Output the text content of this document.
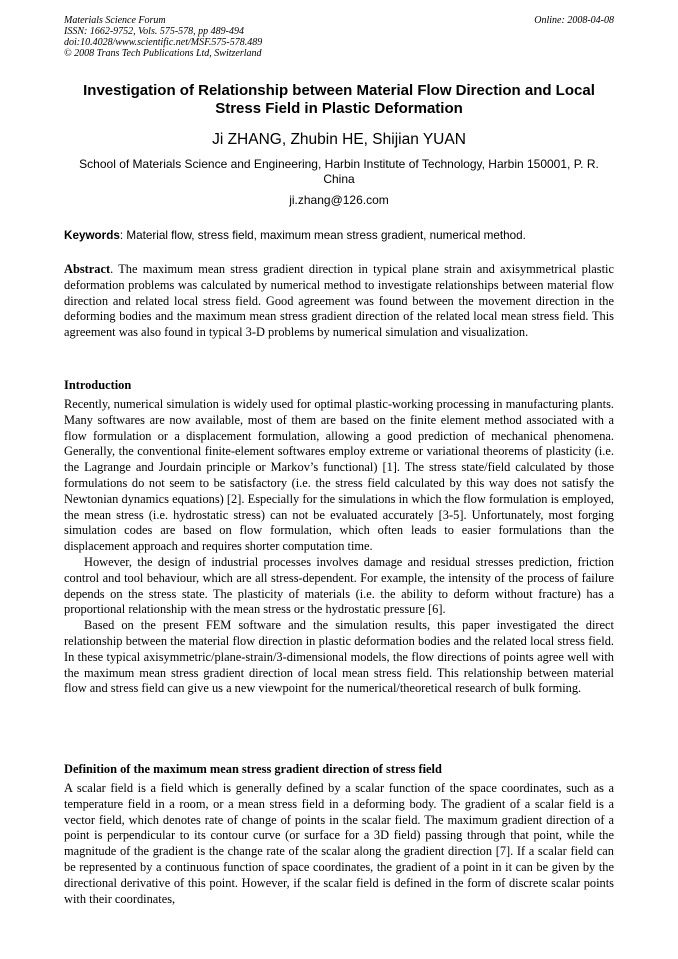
Materials Science Forum
ISSN: 1662-9752, Vols. 575-578, pp 489-494
doi:10.4028/www.scientific.net/MSF.575-578.489
© 2008 Trans Tech Publications Ltd, Switzerland
Online: 2008-04-08
Investigation of Relationship between Material Flow Direction and Local Stress Field in Plastic Deformation
Ji ZHANG, Zhubin HE, Shijian YUAN
School of Materials Science and Engineering, Harbin Institute of Technology, Harbin 150001, P. R. China
ji.zhang@126.com
Keywords: Material flow, stress field, maximum mean stress gradient, numerical method.

Abstract. The maximum mean stress gradient direction in typical plane strain and axisymmetrical plastic deformation problems was calculated by numerical method to investigate relationships between material flow direction and related local stress field. Good agreement was found between the movement direction in the deforming bodies and the maximum mean stress gradient direction of the related local mean stress field. This agreement was also found in typical 3-D problems by numerical simulation and visualization.

Introduction

Recently, numerical simulation is widely used for optimal plastic-working processing in manufacturing plants. Many softwares are now available, most of them are based on the finite element method associated with a flow formulation or a displacement formulation, allowing a good prediction of mechanical phenomena. Generally, the conventional finite-element softwares employ extreme or variational theorems of plasticity (i.e. the Lagrange and Jourdain principle or Markov’s functional) [1]. The stress state/field calculated by those formulations do not seem to be satisfactory (i.e. the stress field calculated by this way does not satisfy the Newtonian dynamics equations) [2]. Especially for the simulations in which the flow formulation is employed, the mean stress (i.e. hydrostatic stress) can not be evaluated accurately [3-5]. Unfortunately, most forging simulation codes are based on flow formulation, which often leads to easier formulations than the displacement approach and requires shorter computation time.

However, the design of industrial processes involves damage and residual stresses prediction, friction control and tool behaviour, which are all stress-dependent. For example, the intensity of the process of failure depends on the stress state. The plasticity of materials (i.e. the ability to deform without fracture) has a proportional relationship with the mean stress or the hydrostatic pressure [6].

Based on the present FEM software and the simulation results, this paper investigated the direct relationship between the material flow direction in plastic deformation bodies and the related local stress field. In these typical axisymmetric/plane-strain/3-dimensional models, the flow directions of points agree well with the maximum mean stress gradient direction of local mean stress field. This relationship between material flow and stress field can give us a new viewpoint for the numerical/theoretical research of bulk forming.

Definition of the maximum mean stress gradient direction of stress field

A scalar field is a field which is generally defined by a scalar function of the space coordinates, such as a temperature field in a room, or a mean stress field in a deforming body. The gradient of a scalar field is a vector field, which denotes rate of change of points in the scalar field. The maximum gradient direction of a point is perpendicular to its contour curve (or surface for a 3D field) passing through that point, while the magnitude of the gradient is the change rate of the scalar along the gradient direction [7]. If a scalar field can be represented by a continuous function of space coordinates, the gradient of a point in it can be given by the directional derivative of this point. However, if the scalar field is defined in the form of discrete scalar points with their coordinates,
